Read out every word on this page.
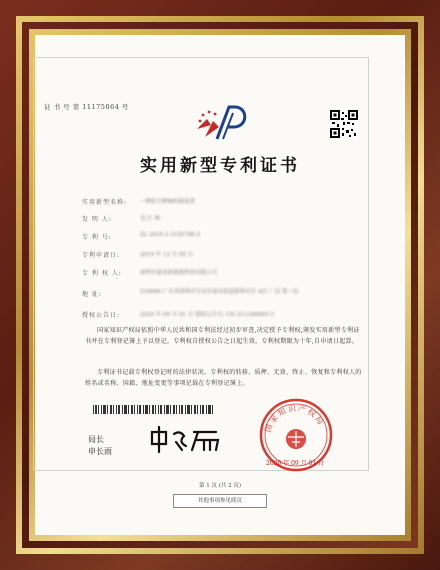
证 书 号 第 11175064 号
实用新型专利证书
实用新型名称: 一种防尘降噪机箱装置
发 明 人:	毛 红 梅
专 利 号:	ZL 2019 2 2150786.5
专利申请日:	2019 年 12 月 05 日
专 利 权 人:	深圳市嘉业新能源科技有限公司
地 址:	518000 广东省深圳市宝安区福永街道新和社区 A区 厂房 第一层
授权公告日:	2020 年 09 月 01 日 授权公告号: CN 211180605 U
国家知识产权局依照中华人民共和国专利法经过初步审查,决定授予专利权,颁发实用新型专利证书并在专利登记簿上予以登记。专利权自授权公告之日起生效。专利权期限为十年,自申请日起算。
专利证书记载专利权登记时的法律状况。专利权的转移、质押、无效、终止、恢复和专利权人的姓名或名称、国籍、地址变更等事项记载在专利登记簿上。
局长
申长雨
国家知识产权局
2020 年 09 月 01 日
第 1 页 (共 2 页)
其他事项参见续页
